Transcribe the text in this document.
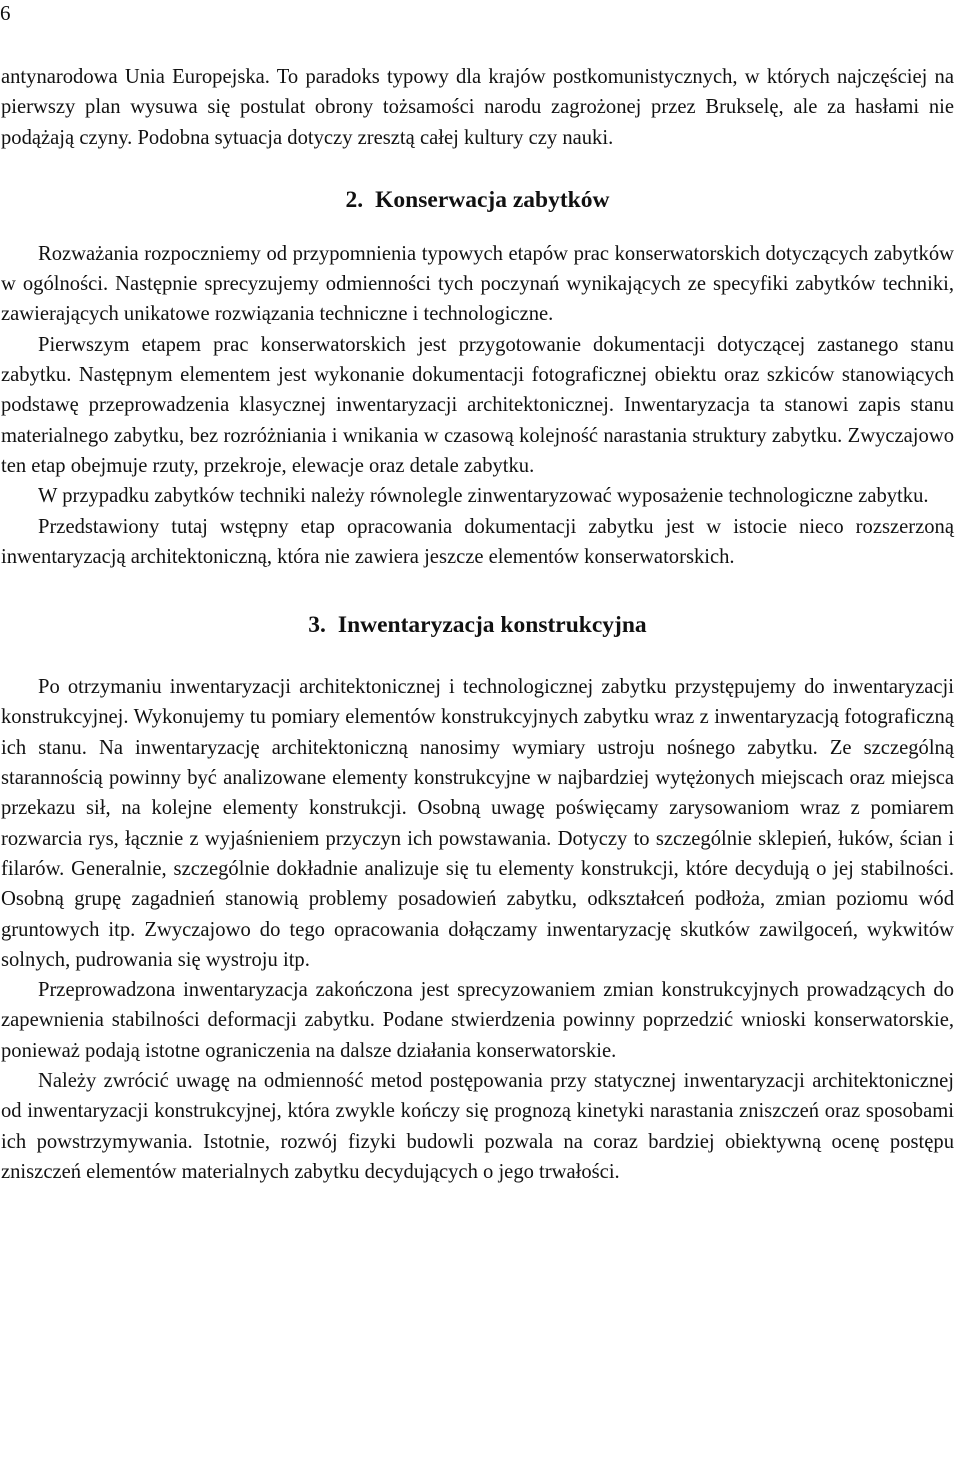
6

antynarodowa Unia Europejska. To paradoks typowy dla krajów postkomunistycznych, w których najczęściej na pierwszy plan wysuwa się postulat obrony tożsamości narodu zagrożonej przez Brukselę, ale za hasłami nie podążają czyny. Podobna sytuacja dotyczy zresztą całej kultury czy nauki.

2. Konserwacja zabytków

Rozważania rozpoczniemy od przypomnienia typowych etapów prac konserwatorskich dotyczących zabytków w ogólności. Następnie sprecyzujemy odmienności tych poczynań wynikających ze specyfiki zabytków techniki, zawierających unikatowe rozwiązania techniczne i technologiczne.

Pierwszym etapem prac konserwatorskich jest przygotowanie dokumentacji dotyczącej zastanego stanu zabytku. Następnym elementem jest wykonanie dokumentacji fotograficznej obiektu oraz szkiców stanowiących podstawę przeprowadzenia klasycznej inwentaryzacji architektonicznej. Inwentaryzacja ta stanowi zapis stanu materialnego zabytku, bez rozróżniania i wnikania w czasową kolejność narastania struktury zabytku. Zwyczajowo ten etap obejmuje rzuty, przekroje, elewacje oraz detale zabytku.

W przypadku zabytków techniki należy równolegle zinwentaryzować wyposażenie technologiczne zabytku.

Przedstawiony tutaj wstępny etap opracowania dokumentacji zabytku jest w istocie nieco rozszerzoną inwentaryzacją architektoniczną, która nie zawiera jeszcze elementów konserwatorskich.

3. Inwentaryzacja konstrukcyjna

Po otrzymaniu inwentaryzacji architektonicznej i technologicznej zabytku przystępujemy do inwentaryzacji konstrukcyjnej. Wykonujemy tu pomiary elementów konstrukcyjnych zabytku wraz z inwentaryzacją fotograficzną ich stanu. Na inwentaryzację architektoniczną nanosimy wymiary ustroju nośnego zabytku. Ze szczególną starannością powinny być analizowane elementy konstrukcyjne w najbardziej wytężonych miejscach oraz miejsca przekazu sił, na kolejne elementy konstrukcji. Osobną uwagę poświęcamy zarysowaniom wraz z pomiarem rozwarcia rys, łącznie z wyjaśnieniem przyczyn ich powstawania. Dotyczy to szczególnie sklepień, łuków, ścian i filarów. Generalnie, szczególnie dokładnie analizuje się tu elementy konstrukcji, które decydują o jej stabilności. Osobną grupę zagadnień stanowią problemy posadowień zabytku, odkształceń podłoża, zmian poziomu wód gruntowych itp. Zwyczajowo do tego opracowania dołączamy inwentaryzację skutków zawilgoceń, wykwitów solnych, pudrowania się wystroju itp.

Przeprowadzona inwentaryzacja zakończona jest sprecyzowaniem zmian konstrukcyjnych prowadzących do zapewnienia stabilności deformacji zabytku. Podane stwierdzenia powinny poprzedzić wnioski konserwatorskie, ponieważ podają istotne ograniczenia na dalsze działania konserwatorskie.

Należy zwrócić uwagę na odmienność metod postępowania przy statycznej inwentaryzacji architektonicznej od inwentaryzacji konstrukcyjnej, która zwykle kończy się prognozą kinetyki narastania zniszczeń oraz sposobami ich powstrzymywania. Istotnie, rozwój fizyki budowli pozwala na coraz bardziej obiektywną ocenę postępu zniszczeń elementów materialnych zabytku decydujących o jego trwałości.
